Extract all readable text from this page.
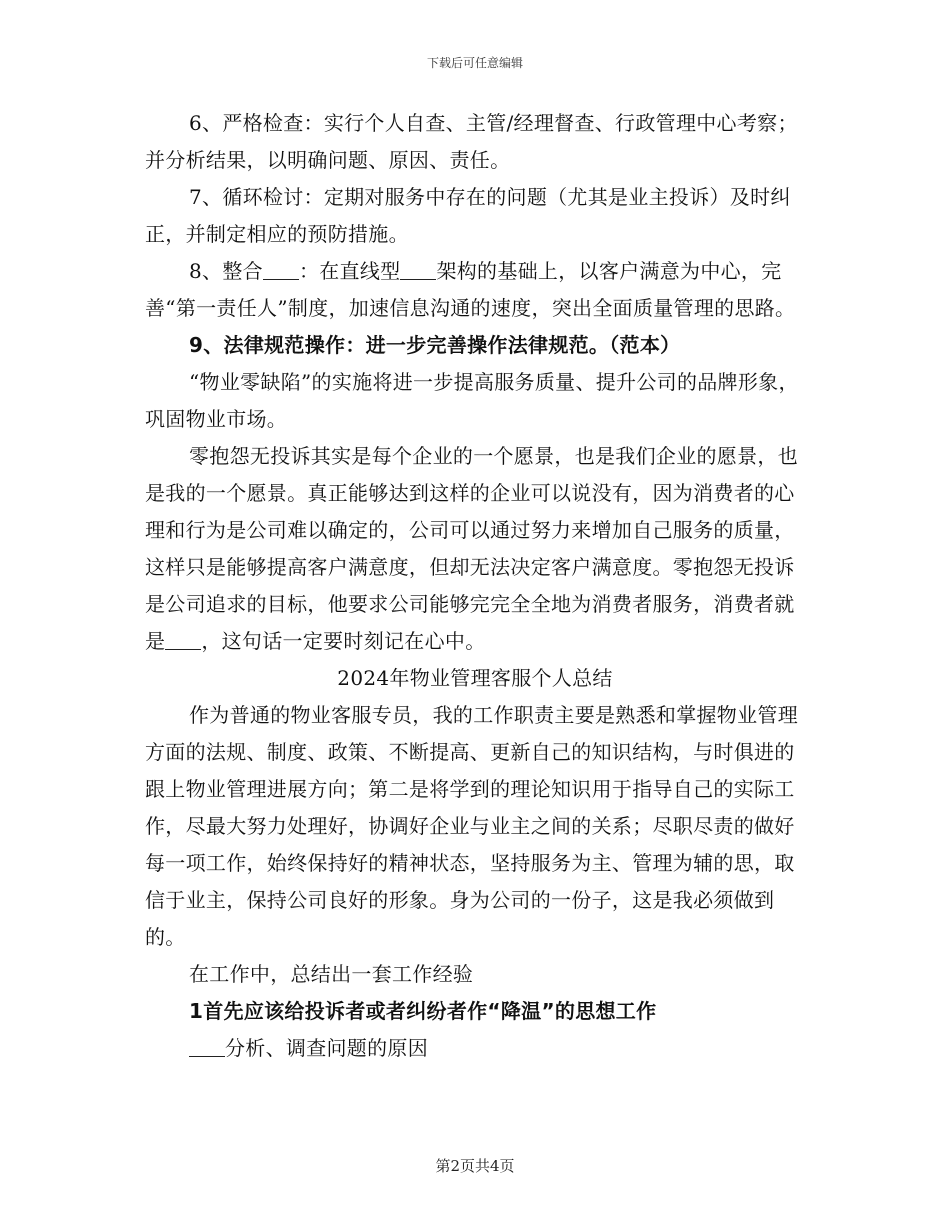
下载后可任意编辑

6、严格检查：实行个人自查、主管/经理督查、行政管理中心考察；并分析结果，以明确问题、原因、责任。

7、循环检讨：定期对服务中存在的问题（尤其是业主投诉）及时纠正，并制定相应的预防措施。

8、整合 ：在直线型 架构的基础上，以客户满意为中心，完善“第一责任人”制度，加速信息沟通的速度，突出全面质量管理的思路。

9、法律规范操作：进一步完善操作法律规范。（范本）

“物业零缺陷”的实施将进一步提高服务质量、提升公司的品牌形象，巩固物业市场。

零抱怨无投诉其实是每个企业的一个愿景，也是我们企业的愿景，也是我的一个愿景。真正能够达到这样的企业可以说没有，因为消费者的心理和行为是公司难以确定的，公司可以通过努力来增加自己服务的质量，这样只是能够提高客户满意度，但却无法决定客户满意度。零抱怨无投诉是公司追求的目标，他要求公司能够完完全全地为消费者服务，消费者就是 ，这句话一定要时刻记在心中。

2024年物业管理客服个人总结

作为普通的物业客服专员，我的工作职责主要是熟悉和掌握物业管理方面的法规、制度、政策、不断提高、更新自己的知识结构，与时俱进的跟上物业管理进展方向；第二是将学到的理论知识用于指导自己的实际工作，尽最大努力处理好，协调好企业与业主之间的关系；尽职尽责的做好每一项工作，始终保持好的精神状态，坚持服务为主、管理为辅的思，取信于业主，保持公司良好的形象。身为公司的一份子，这是我必须做到的。

在工作中，总结出一套工作经验

1首先应该给投诉者或者纠纷者作“降温”的思想工作

分析、调查问题的原因

第2页共4页
